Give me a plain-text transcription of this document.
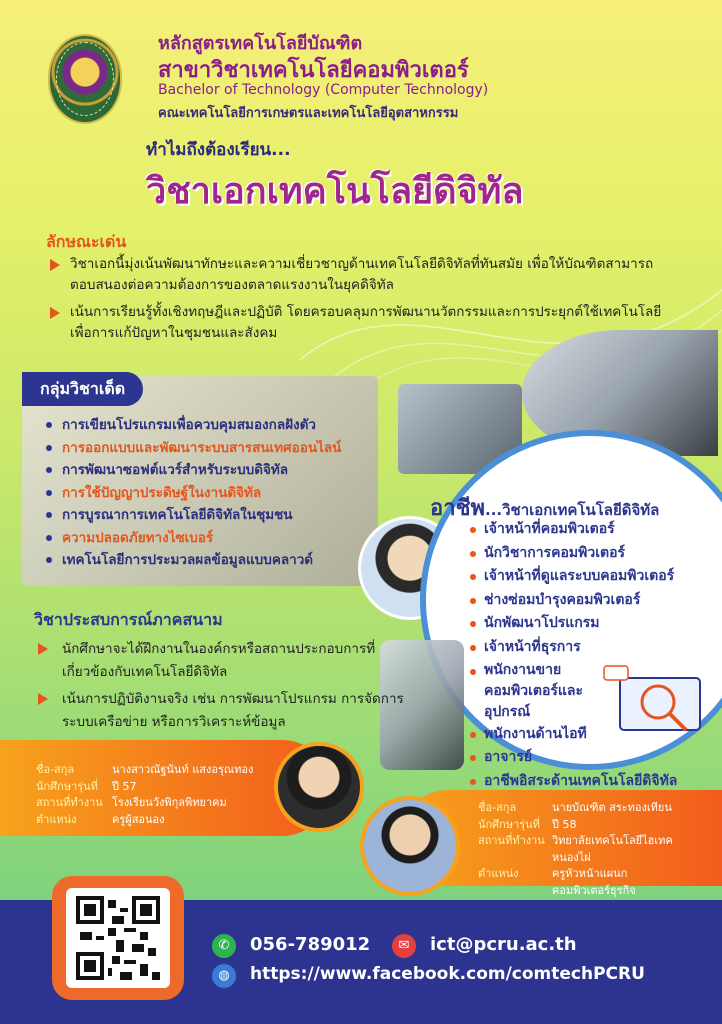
หลักสูตรเทคโนโลยีบัณฑิต
สาขาวิชาเทคโนโลยีคอมพิวเตอร์
Bachelor of Technology (Computer Technology)
คณะเทคโนโลยีการเกษตรและเทคโนโลยีอุตสาหกรรม
ทำไมถึงต้องเรียน...
วิชาเอกเทคโนโลยีดิจิทัล
ลักษณะเด่น
วิชาเอกนี้มุ่งเน้นพัฒนาทักษะและความเชี่ยวชาญด้านเทคโนโลยีดิจิทัลที่ทันสมัย เพื่อให้บัณฑิตสามารถตอบสนองต่อความต้องการของตลาดแรงงานในยุคดิจิทัล
เน้นการเรียนรู้ทั้งเชิงทฤษฎีและปฏิบัติ โดยครอบคลุมการพัฒนานวัตกรรมและการประยุกต์ใช้เทคโนโลยีเพื่อการแก้ปัญหาในชุมชนและสังคม
กลุ่มวิชาเด็ด
การเขียนโปรแกรมเพื่อควบคุมสมองกลฝังตัว
การออกแบบและพัฒนาระบบสารสนเทศออนไลน์
การพัฒนาซอฟต์แวร์สำหรับระบบดิจิทัล
การใช้ปัญญาประดิษฐ์ในงานดิจิทัล
การบูรณาการเทคโนโลยีดิจิทัลในชุมชน
ความปลอดภัยทางไซเบอร์
เทคโนโลยีการประมวลผลข้อมูลแบบคลาวด์
อาชีพ...วิชาเอกเทคโนโลยีดิจิทัล
เจ้าหน้าที่คอมพิวเตอร์
นักวิชาการคอมพิวเตอร์
เจ้าหน้าที่ดูแลระบบคอมพิวเตอร์
ช่างซ่อมบำรุงคอมพิวเตอร์
นักพัฒนาโปรแกรม
เจ้าหน้าที่ธุรการ
พนักงานขายคอมพิวเตอร์และอุปกรณ์
พนักงานด้านไอที
อาจารย์
อาชีพอิสระด้านเทคโนโลยีดิจิทัล
วิชาประสบการณ์ภาคสนาม
นักศึกษาจะได้ฝึกงานในองค์กรหรือสถานประกอบการที่เกี่ยวข้องกับเทคโนโลยีดิจิทัล
เน้นการปฏิบัติงานจริง เช่น การพัฒนาโปรแกรม การจัดการระบบเครือข่าย หรือการวิเคราะห์ข้อมูล
ชื่อ-สกุล	นางสาวณัฐนันท์ แสงอรุณทอง
นักศึกษารุ่นที่ ปี 57
สถานที่ทำงาน โรงเรียนวังพิกุลพิทยาคม
ตำแหน่ง	ครูผู้สอนอง
ชื่อ-สกุล	นายบัณฑิต สระทองเทียน
นักศึกษารุ่นที่	ปี 58
สถานที่ทำงาน วิทยาลัยเทคโนโลยีไฮเทคหนองไผ่
ตำแหน่ง	ครูหัวหน้าแผนกคอมพิวเตอร์ธุรกิจ
✆	056-789012	✉	ict@pcru.ac.th
◍	https://www.facebook.com/comtechPCRU
